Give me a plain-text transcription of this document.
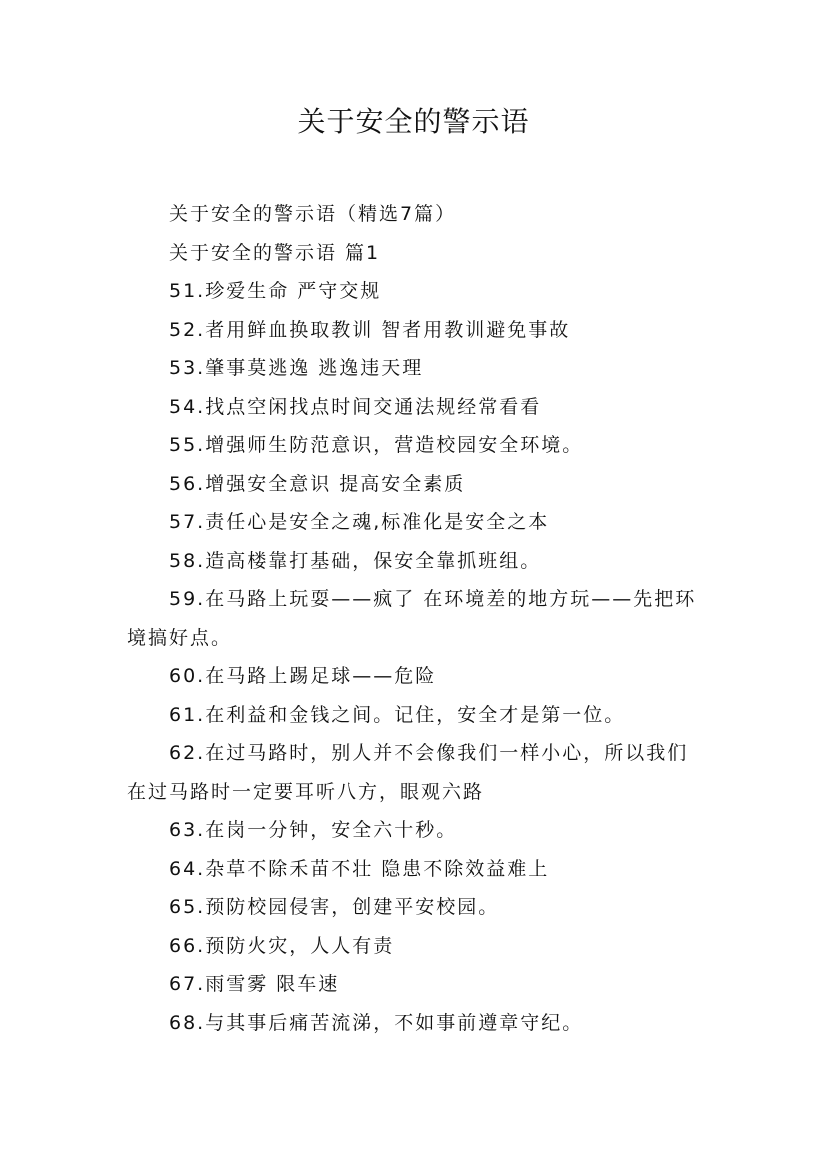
关于安全的警示语

关于安全的警示语（精选7篇）

关于安全的警示语 篇1

51.珍爱生命 严守交规

52.者用鲜血换取教训 智者用教训避免事故

53.肇事莫逃逸 逃逸违天理

54.找点空闲找点时间交通法规经常看看

55.增强师生防范意识，营造校园安全环境。

56.增强安全意识 提高安全素质

57.责任心是安全之魂,标准化是安全之本

58.造高楼靠打基础，保安全靠抓班组。

59.在马路上玩耍——疯了 在环境差的地方玩——先把环境搞好点。

60.在马路上踢足球——危险

61.在利益和金钱之间。记住，安全才是第一位。

62.在过马路时，别人并不会像我们一样小心，所以我们在过马路时一定要耳听八方，眼观六路

63.在岗一分钟，安全六十秒。

64.杂草不除禾苗不壮 隐患不除效益难上

65.预防校园侵害，创建平安校园。

66.预防火灾，人人有责

67.雨雪雾 限车速

68.与其事后痛苦流涕，不如事前遵章守纪。
